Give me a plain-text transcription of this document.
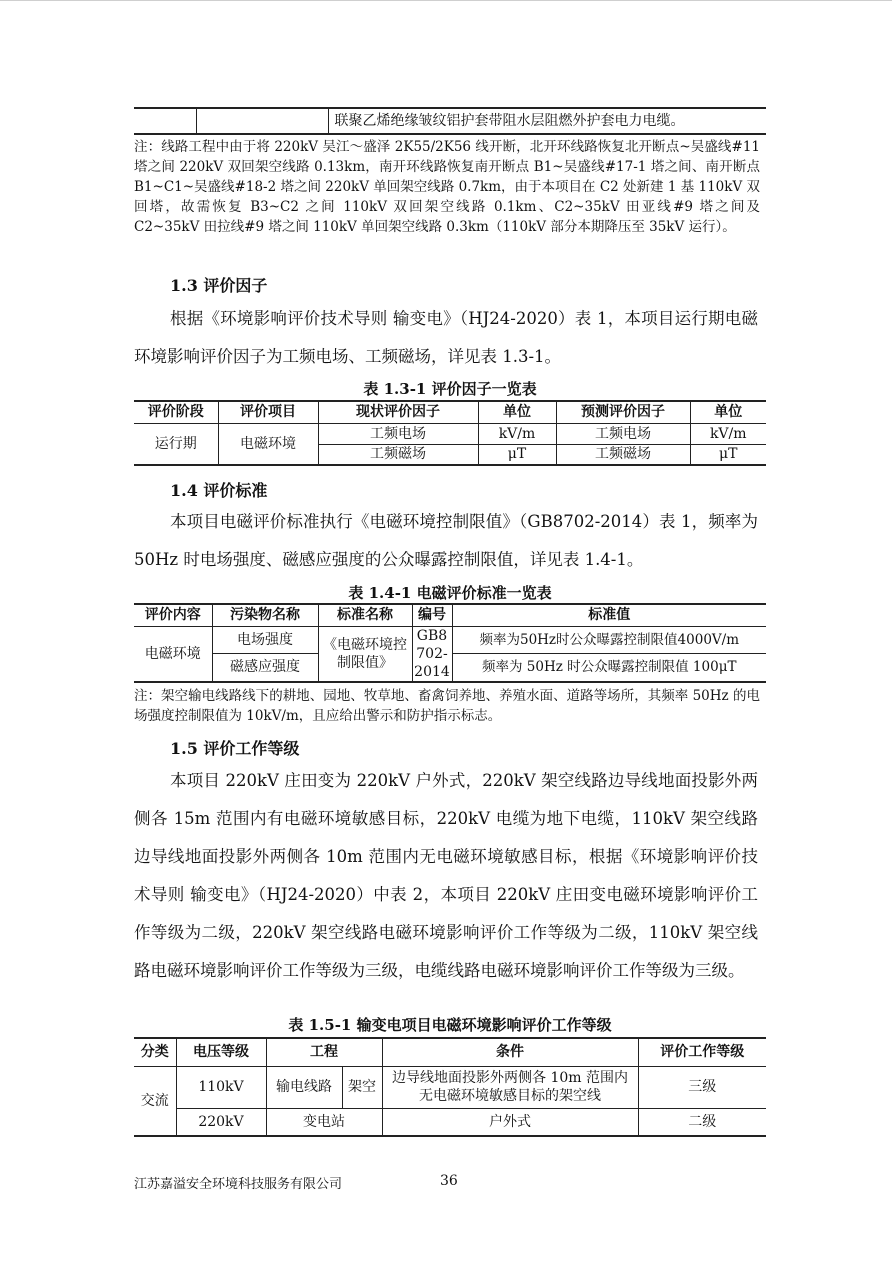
		联聚乙烯绝缘皱纹铝护套带阻水层阻燃外护套电力电缆。
注：线路工程中由于将 220kV 吴江～盛泽 2K55/2K56 线开断，北开环线路恢复北开断点~吴盛线#11 塔之间 220kV 双回架空线路 0.13km，南开环线路恢复南开断点 B1~吴盛线#17-1 塔之间、南开断点 B1~C1~吴盛线#18-2 塔之间 220kV 单回架空线路 0.7km，由于本项目在 C2 处新建 1 基 110kV 双回塔，故需恢复 B3~C2 之间 110kV 双回架空线路 0.1km、C2~35kV 田亚线#9 塔之间及 C2~35kV 田拉线#9 塔之间 110kV 单回架空线路 0.3km（110kV 部分本期降压至 35kV 运行）。
1.3 评价因子
根据《环境影响评价技术导则 输变电》（HJ24-2020）表 1，本项目运行期电磁环境影响评价因子为工频电场、工频磁场，详见表 1.3-1。
表 1.3-1 评价因子一览表
评价阶段	评价项目	现状评价因子	单位	预测评价因子	单位
运行期	电磁环境	工频电场	kV/m	工频电场	kV/m
		工频磁场	μT	工频磁场	μT
1.4 评价标准
本项目电磁评价标准执行《电磁环境控制限值》（GB8702-2014）表 1，频率为 50Hz 时电场强度、磁感应强度的公众曝露控制限值，详见表 1.4-1。
表 1.4-1 电磁评价标准一览表
评价内容	污染物名称	标准名称	编号	标准值
电磁环境	电场强度	《电磁环境控制限值》	GB8702-2014	频率为50Hz时公众曝露控制限值4000V/m
	磁感应强度			频率为 50Hz 时公众曝露控制限值 100μT
注：架空输电线路线下的耕地、园地、牧草地、畜禽饲养地、养殖水面、道路等场所，其频率 50Hz 的电场强度控制限值为 10kV/m，且应给出警示和防护指示标志。
1.5 评价工作等级
本项目 220kV 庄田变为 220kV 户外式，220kV 架空线路边导线地面投影外两侧各 15m 范围内有电磁环境敏感目标，220kV 电缆为地下电缆，110kV 架空线路边导线地面投影外两侧各 10m 范围内无电磁环境敏感目标，根据《环境影响评价技术导则 输变电》（HJ24-2020）中表 2，本项目 220kV 庄田变电磁环境影响评价工作等级为二级，220kV 架空线路电磁环境影响评价工作等级为二级，110kV 架空线路电磁环境影响评价工作等级为三级，电缆线路电磁环境影响评价工作等级为三级。
表 1.5-1 输变电项目电磁环境影响评价工作等级
分类	电压等级	工程		条件	评价工作等级
交流	110kV	输电线路	架空	边导线地面投影外两侧各 10m 范围内无电磁环境敏感目标的架空线	三级
	220kV	变电站		户外式	二级
江苏嘉溢安全环境科技服务有限公司	36
